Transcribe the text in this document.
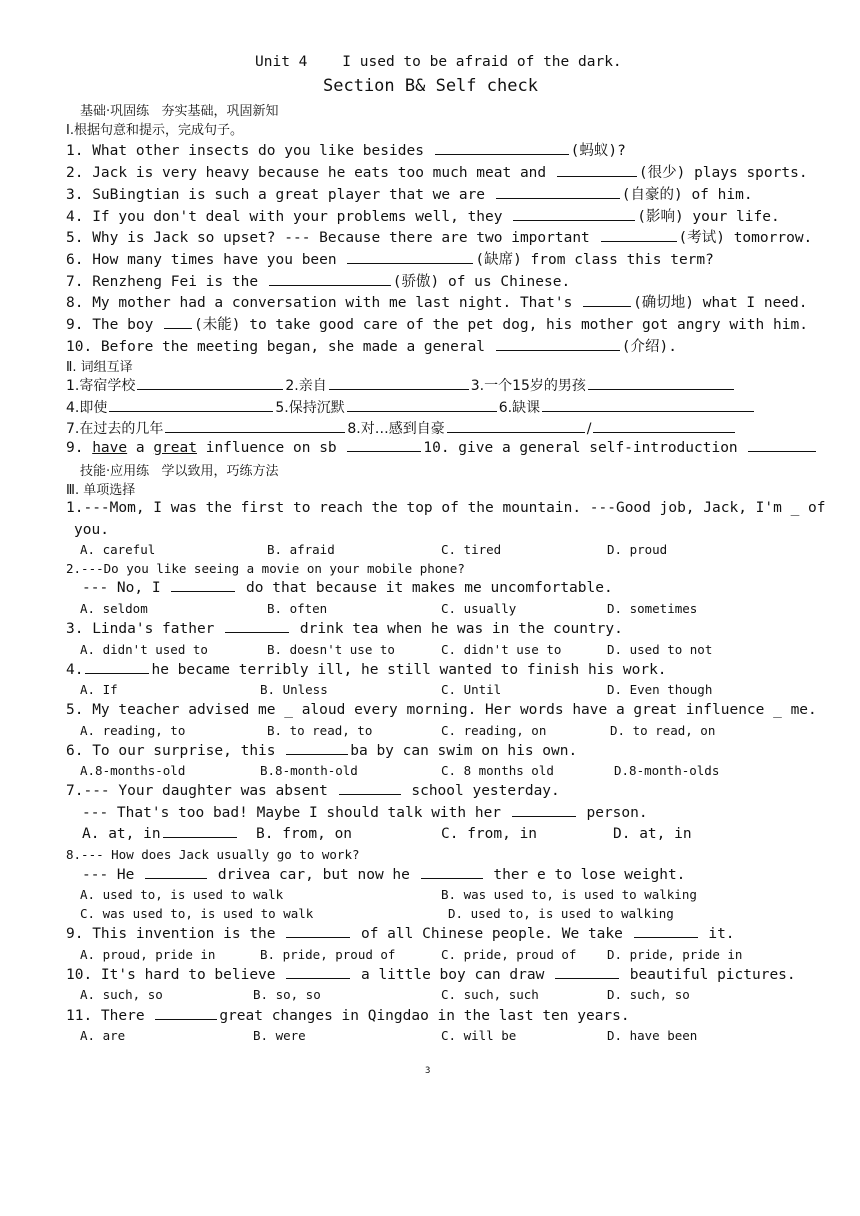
Unit 4    I used to be afraid of the dark.
Section B& Self check
基础·巩固练   夯实基础，巩固新知
Ⅰ.根据句意和提示，完成句子。
1. What other insects do you like besides	(蚂蚁)?
2. Jack is very heavy because he eats too much meat and	(很少) plays sports.
3. SuBingtian is such a great player that we are	(自豪的) of him.
4. If you don't deal with your problems well, they	(影响) your life.
5. Why is Jack so upset? --- Because there are two important	(考试) tomorrow.
6. How many times have you been	(缺席) from class this term?
7. Renzheng Fei is the	(骄傲) of us Chinese.
8. My mother had a conversation with me last night. That's	(确切地) what I need.
9. The boy (未能) to take good care of the pet dog, his mother got angry with him.
10. Before the meeting began, she made a general	(介绍).
Ⅱ. 词组互译
1.寄宿学校	2.亲自	3.一个15岁的男孩
4.即使	5.保持沉默	6.缺课
7.在过去的几年	8.对…感到自豪	/
9. have a great influence on sb	10. give a general self-introduction
技能·应用练   学以致用，巧练方法
Ⅲ. 单项选择
1.---Mom, I was the first to reach the top of the mountain. ---Good job, Jack, I'm _ of
you.
A. careful	B. afraid	C. tired	D. proud
2.---Do you like seeing a movie on your mobile phone?
--- No, I	do that because it makes me uncomfortable.
A. seldom	B. often	C. usually	D. sometimes
3. Linda's father	drink tea when he was in the country.
A. didn't used to	B. doesn't use to	C. didn't use to	D. used to not
4.	he became terribly ill, he still wanted to finish his work.
A. If	B. Unless	C. Until	D. Even though
5. My teacher advised me _ aloud every morning. Her words have a great influence _ me.
A. reading, to	B. to read, to	C. reading, on	D. to read, on
6. To our surprise, this	ba by can swim on his own.
A.8-months-old	B.8-month-old	C. 8 months old	D.8-month-olds
7.--- Your daughter was absent	school yesterday.
--- That's too bad! Maybe I should talk with her	person.
A. at, in	B. from, on	C. from, in	D. at, in
8.--- How does Jack usually go to work?
--- He	drivea car, but now he	ther e to lose weight.
A. used to, is used to walk	B. was used to, is used to walking
C. was used to, is used to walk	D. used to, is used to walking
9. This invention is the	of all Chinese people. We take	it.
A. proud, pride in	B. pride, proud of	C. pride, proud of D. pride, pride in
10. It's hard to believe	a little boy can draw	beautiful pictures.
A. such, so	B. so, so	C. such, such	D. such, so
11. There	great changes in Qingdao in the last ten years.
A. are	B. were	C. will be	D. have been
3
